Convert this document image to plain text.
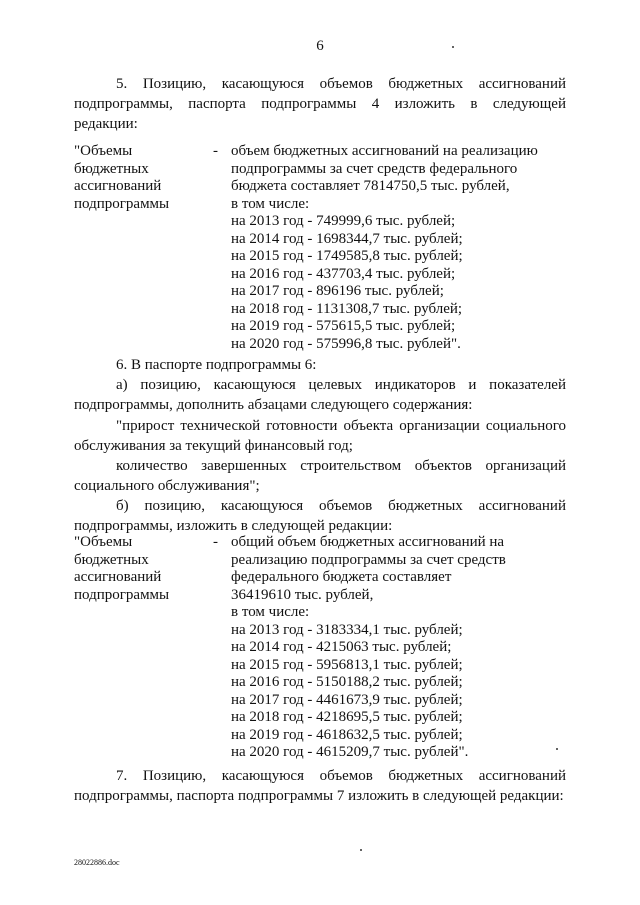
6
5. Позицию, касающуюся объемов бюджетных ассигнований
подпрограммы, паспорта подпрограммы 4 изложить в следующей
редакции:
"Объемы
бюджетных
ассигнований
подпрограммы
- объем бюджетных ассигнований на реализацию
подпрограммы за счет средств федерального
бюджета составляет 7814750,5 тыс. рублей,
в том числе:
на 2013 год - 749999,6 тыс. рублей;
на 2014 год - 1698344,7 тыс. рублей;
на 2015 год - 1749585,8 тыс. рублей;
на 2016 год - 437703,4 тыс. рублей;
на 2017 год - 896196 тыс. рублей;
на 2018 год - 1131308,7 тыс. рублей;
на 2019 год - 575615,5 тыс. рублей;
на 2020 год - 575996,8 тыс. рублей".
6. В паспорте подпрограммы 6:
а) позицию, касающуюся целевых индикаторов и показателей
подпрограммы, дополнить абзацами следующего содержания:
"прирост технической готовности объекта организации социального
обслуживания за текущий финансовый год;
количество завершенных строительством объектов организаций
социального обслуживания";
б) позицию, касающуюся объемов бюджетных ассигнований
подпрограммы, изложить в следующей редакции:
"Объемы
бюджетных
ассигнований
подпрограммы
- общий объем бюджетных ассигнований на
реализацию подпрограммы за счет средств
федерального бюджета составляет
36419610 тыс. рублей,
в том числе:
на 2013 год - 3183334,1 тыс. рублей;
на 2014 год - 4215063 тыс. рублей;
на 2015 год - 5956813,1 тыс. рублей;
на 2016 год - 5150188,2 тыс. рублей;
на 2017 год - 4461673,9 тыс. рублей;
на 2018 год - 4218695,5 тыс. рублей;
на 2019 год - 4618632,5 тыс. рублей;
на 2020 год - 4615209,7 тыс. рублей".
7. Позицию, касающуюся объемов бюджетных ассигнований
подпрограммы, паспорта подпрограммы 7 изложить в следующей редакции:
28022886.doc
